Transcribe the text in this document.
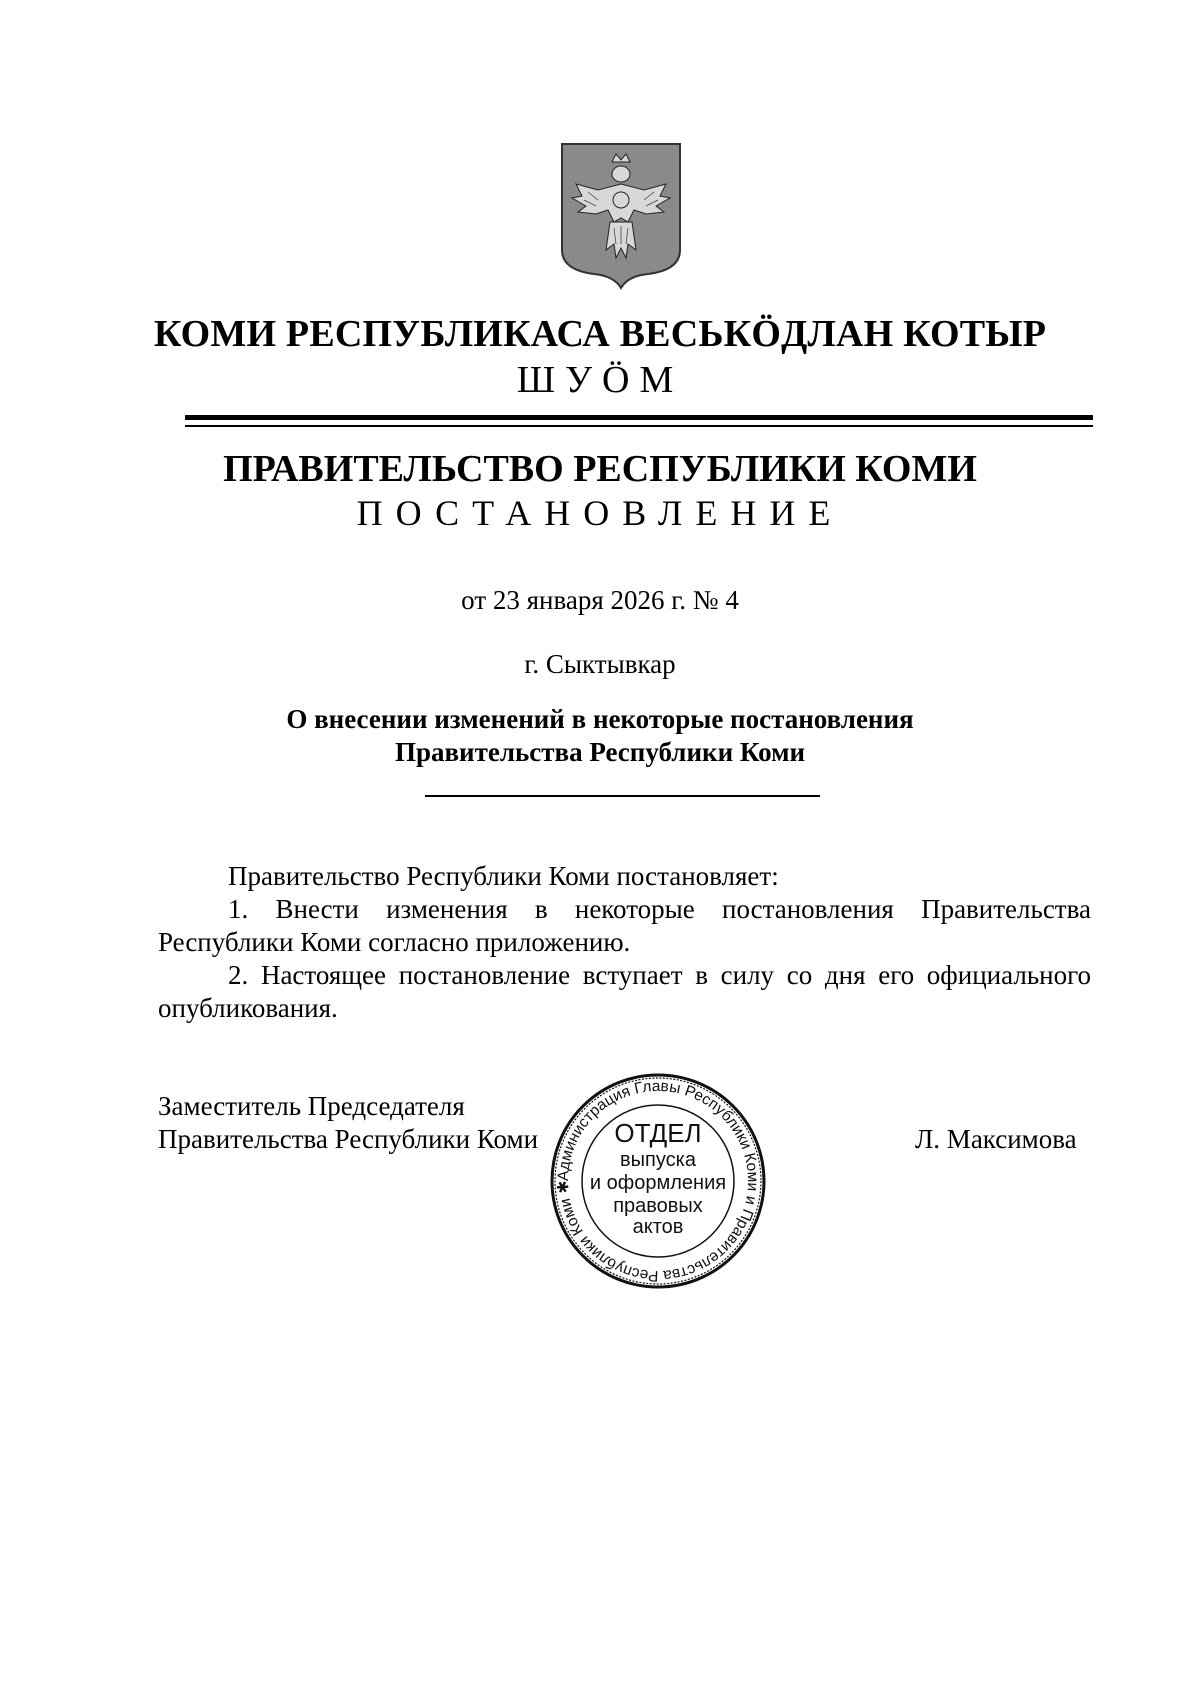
КОМИ РЕСПУБЛИКАСА ВЕСЬКӦДЛАН КОТЫР
ШУӦМ
ПРАВИТЕЛЬСТВО РЕСПУБЛИКИ КОМИ
ПОСТАНОВЛЕНИЕ
от 23 января 2026 г. № 4
г. Сыктывкар
О внесении изменений в некоторые постановления
Правительства Республики Коми
Правительство Республики Коми постановляет:
1. Внести изменения в некоторые постановления Правительства
Республики Коми согласно приложению.
2. Настоящее постановление вступает в силу со дня его официального
опубликования.
Заместитель Председателя
Правительства Республики Коми	Л. Максимова
Администрация Главы Республики Коми и Правительства Республики Коми ✱
ОТДЕЛ
выпуска
и оформления
правовых
актов
